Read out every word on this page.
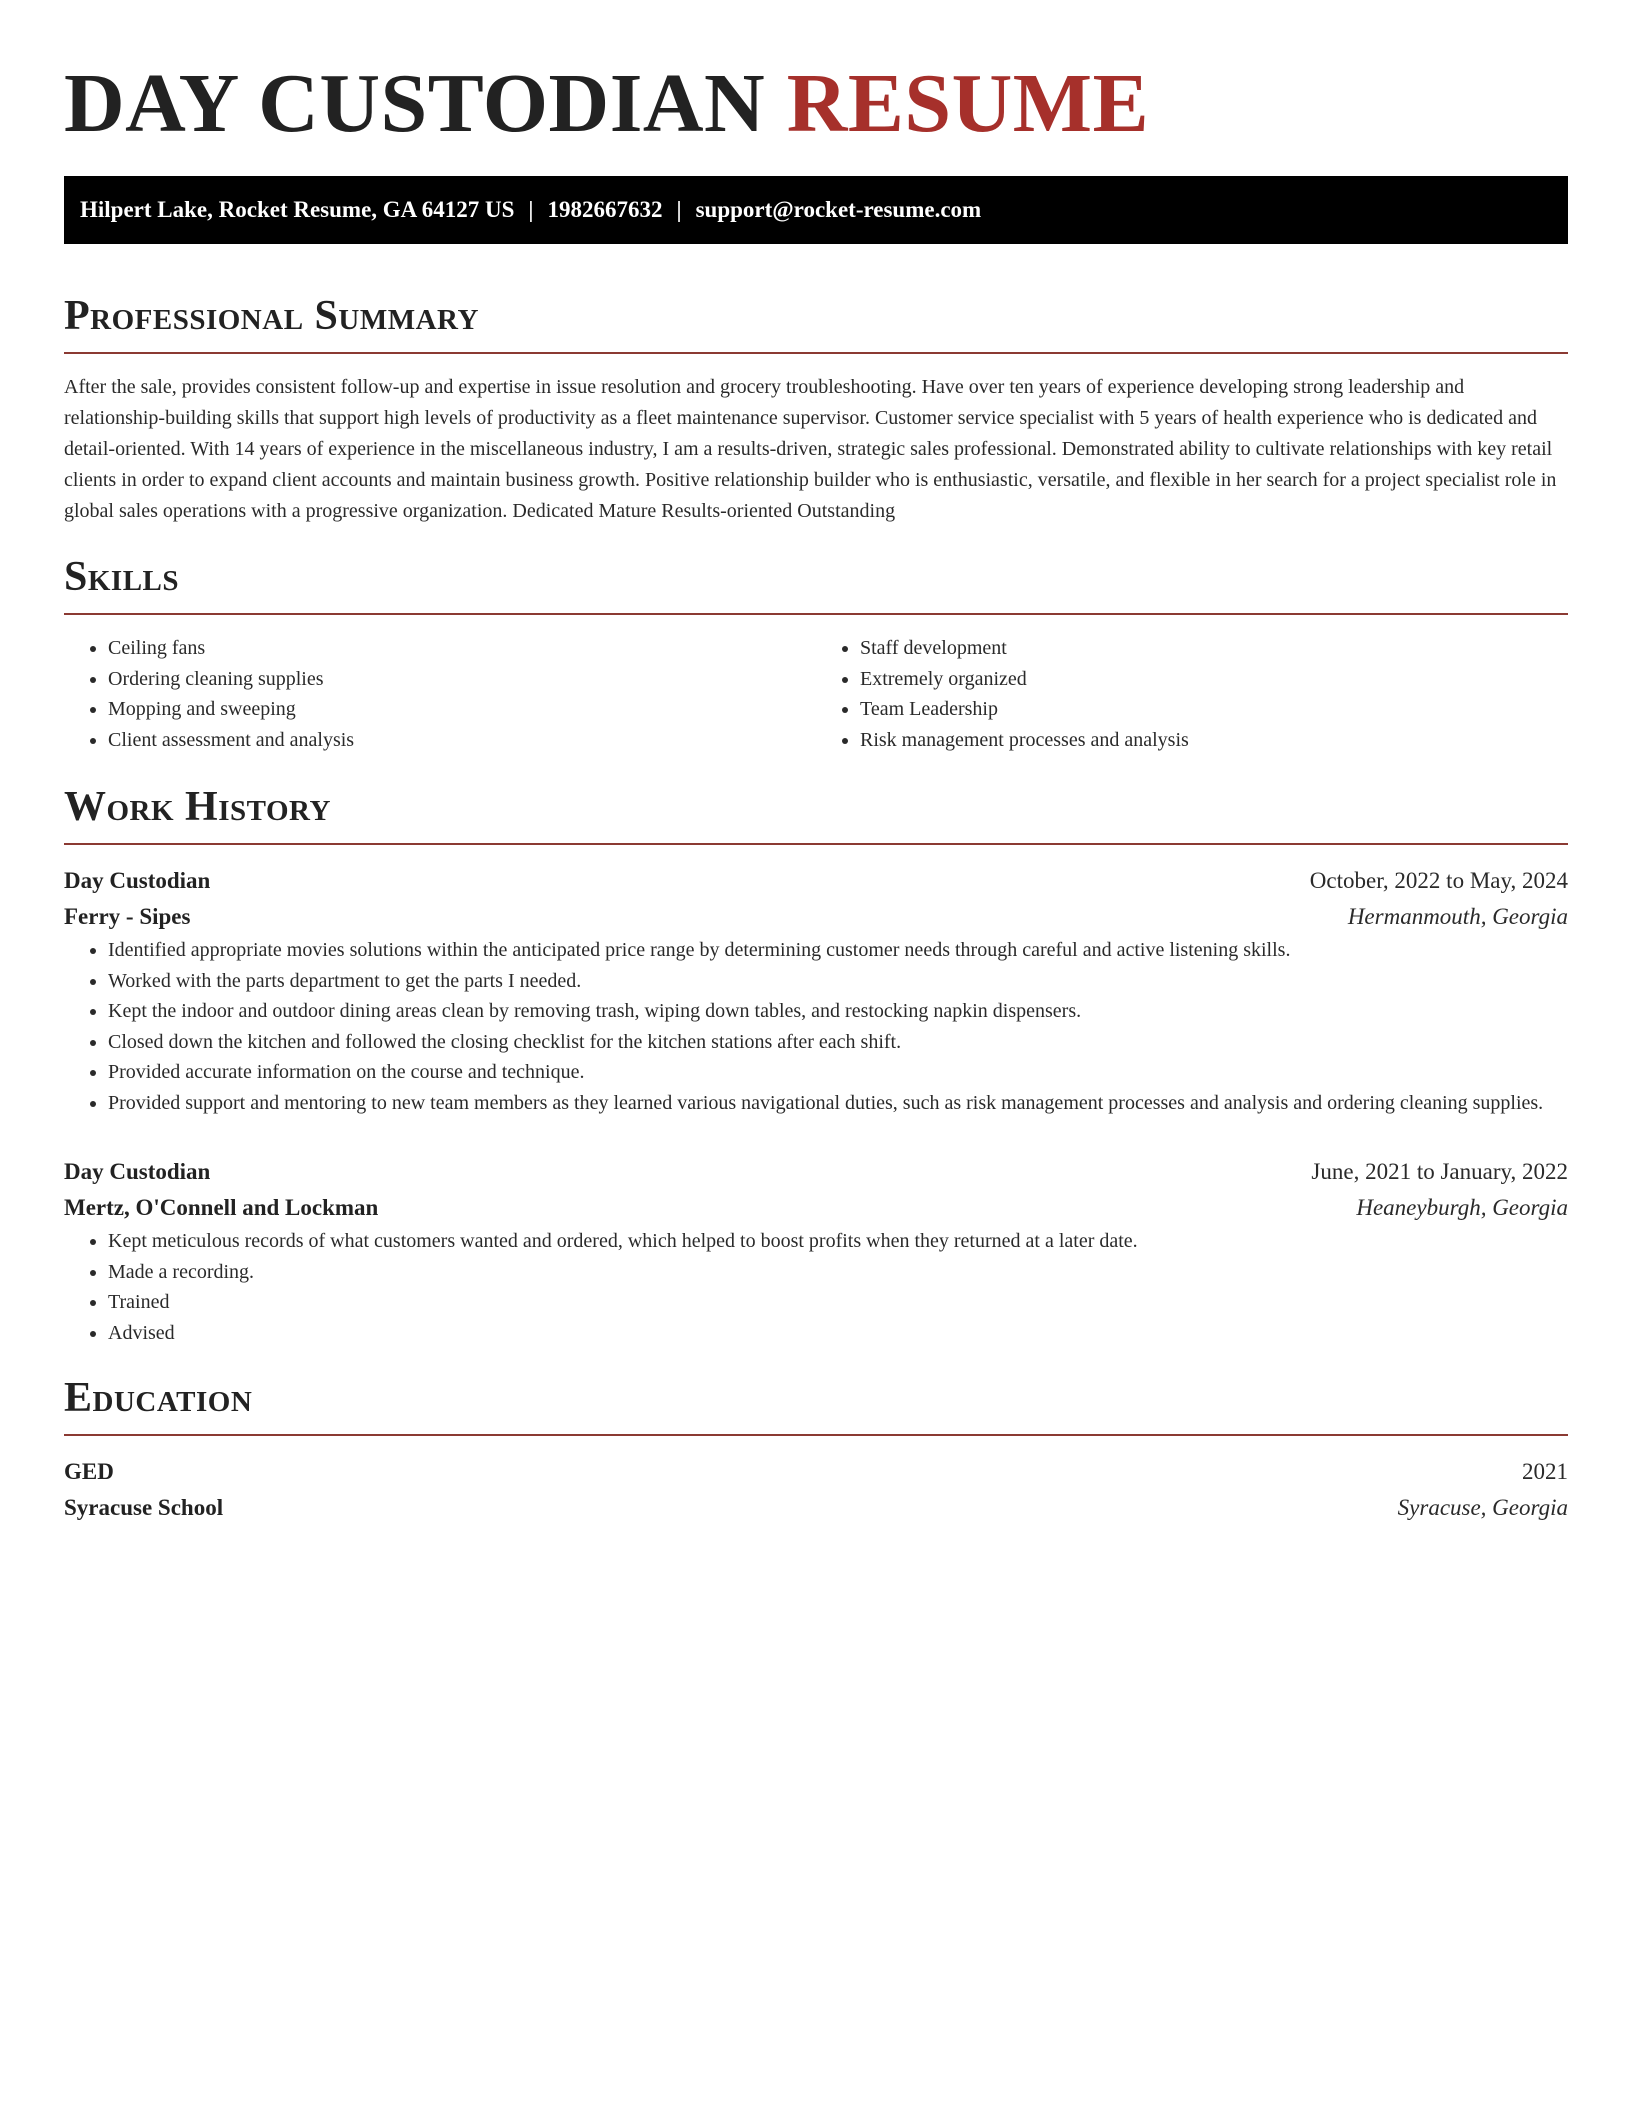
DAY CUSTODIAN RESUME
Hilpert Lake, Rocket Resume, GA 64127 US | 1982667632 | support@rocket-resume.com
Professional Summary

After the sale, provides consistent follow-up and expertise in issue resolution and grocery troubleshooting. Have over ten years of experience developing strong leadership and relationship-building skills that support high levels of productivity as a fleet maintenance supervisor. Customer service specialist with 5 years of health experience who is dedicated and detail-oriented. With 14 years of experience in the miscellaneous industry, I am a results-driven, strategic sales professional. Demonstrated ability to cultivate relationships with key retail clients in order to expand client accounts and maintain business growth. Positive relationship builder who is enthusiastic, versatile, and flexible in her search for a project specialist role in global sales operations with a progressive organization. Dedicated Mature Results-oriented Outstanding

Skills
• Ceiling fans
• Ordering cleaning supplies
• Mopping and sweeping
• Client assessment and analysis
• Staff development
• Extremely organized
• Team Leadership
• Risk management processes and analysis
Work History
Day Custodian	October, 2022 to May, 2024
Ferry - Sipes	Hermanmouth, Georgia
• Identified appropriate movies solutions within the anticipated price range by determining customer needs through careful and active listening skills.
• Worked with the parts department to get the parts I needed.
• Kept the indoor and outdoor dining areas clean by removing trash, wiping down tables, and restocking napkin dispensers.
• Closed down the kitchen and followed the closing checklist for the kitchen stations after each shift.
• Provided accurate information on the course and technique.
• Provided support and mentoring to new team members as they learned various navigational duties, such as risk management processes and analysis and ordering cleaning supplies.
Day Custodian	June, 2021 to January, 2022
Mertz, O'Connell and Lockman	Heaneyburgh, Georgia
• Kept meticulous records of what customers wanted and ordered, which helped to boost profits when they returned at a later date.
• Made a recording.
• Trained
• Advised
Education
GED	2021
Syracuse School	Syracuse, Georgia
